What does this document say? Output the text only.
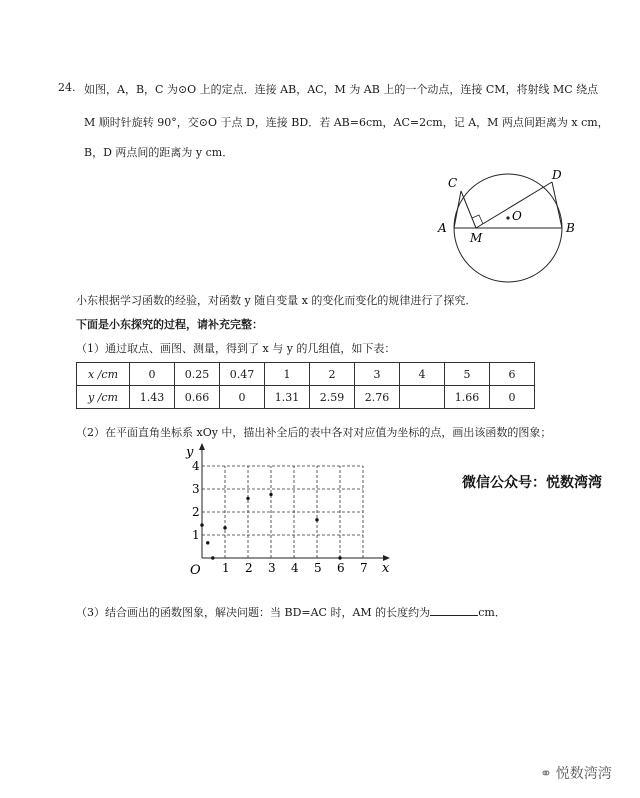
24. 如图，A，B，C 为⊙O 上的定点．连接 AB，AC，M 为 AB 上的一个动点，连接 CM，将射线 MC 绕点
M 顺时针旋转 90°，交⊙O 于点 D，连接 BD．若 AB=6cm，AC=2cm，记 A，M 两点间距离为 x cm，
B，D 两点间的距离为 y cm．
A	B
C
D
M
O
小东根据学习函数的经验，对函数 y 随自变量 x 的变化而变化的规律进行了探究．
下面是小东探究的过程，请补充完整：
（1）通过取点、画图、测量，得到了 x 与 y 的几组值，如下表：
x /cm	0	0.25	0.47	1	2	3	4	5	6
y /cm	1.43	0.66	0	1.31	2.59	2.76		1.66	0
（2）在平面直角坐标系 xOy 中，描出补全后的表中各对对应值为坐标的点，画出该函数的图象；
y
x
O 1 2 3 4 5 6 7
1
2
3
4
微信公众号：悦数湾湾
（3）结合画出的函数图象，解决问题：当 BD=AC 时，AM 的长度约为	cm．
⚭ 悦数湾湾
